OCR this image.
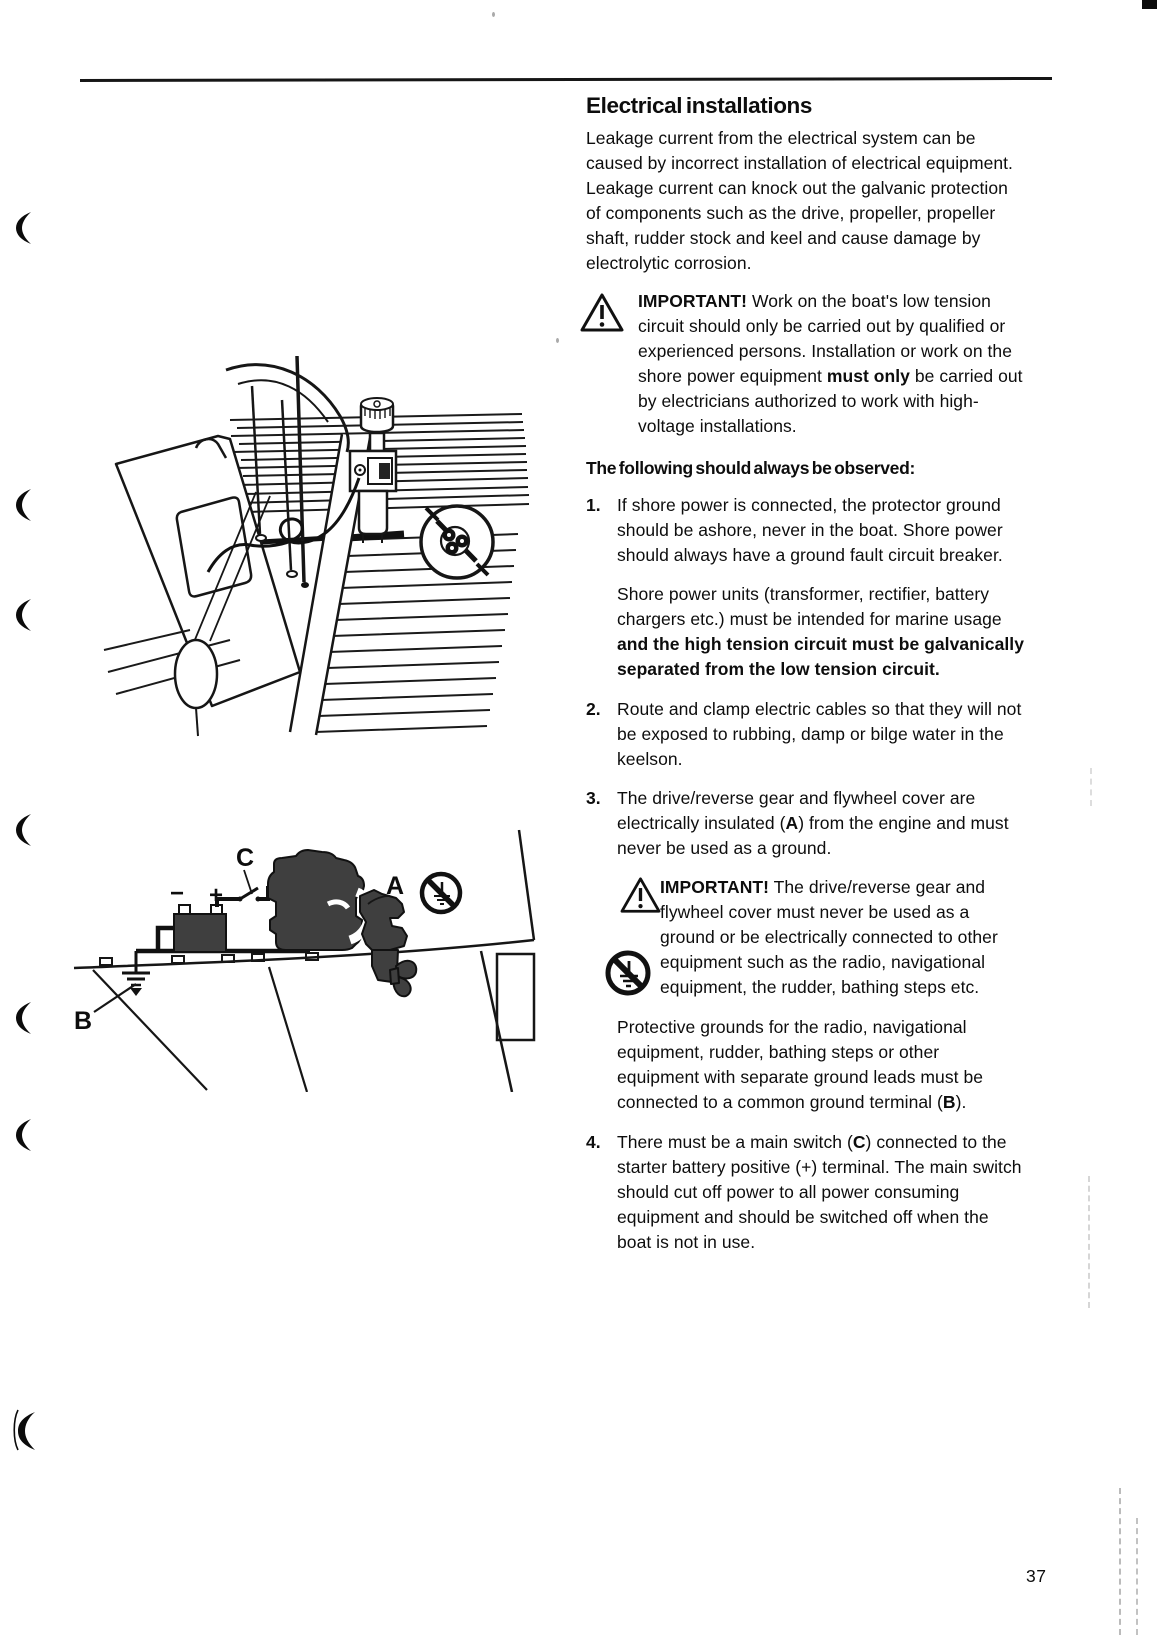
B
− +
C
A
Electrical installations

Leakage current from the electrical system can be caused by incorrect installation of electrical equipment. Leakage current can knock out the galvanic protection of components such as the drive, propeller, propeller shaft, rudder stock and keel and cause damage by electrolytic corrosion.

IMPORTANT! Work on the boat's low tension circuit should only be carried out by qualified or experienced persons. Installation or work on the shore power equipment must only be carried out by electricians authorized to work with high-voltage installations.
The following should always be observed:
1. If shore power is connected, the protector ground should be ashore, never in the boat. Shore power should always have a ground fault circuit breaker.
Shore power units (transformer, rectifier, battery chargers etc.) must be intended for marine usage and the high tension circuit must be galvanically separated from the low tension circuit.
2. Route and clamp electric cables so that they will not be exposed to rubbing, damp or bilge water in the keelson.
3. The drive/reverse gear and flywheel cover are electrically insulated (A) from the engine and must never be used as a ground.
IMPORTANT! The drive/reverse gear and flywheel cover must never be used as a ground or be electrically connected to other equipment such as the radio, navigational equipment, the rudder, bathing steps etc.
Protective grounds for the radio, navigational equipment, rudder, bathing steps or other equipment with separate ground leads must be connected to a common ground terminal (B).
4. There must be a main switch (C) connected to the starter battery positive (+) terminal. The main switch should cut off power to all power consuming equipment and should be switched off when the boat is not in use.
37
